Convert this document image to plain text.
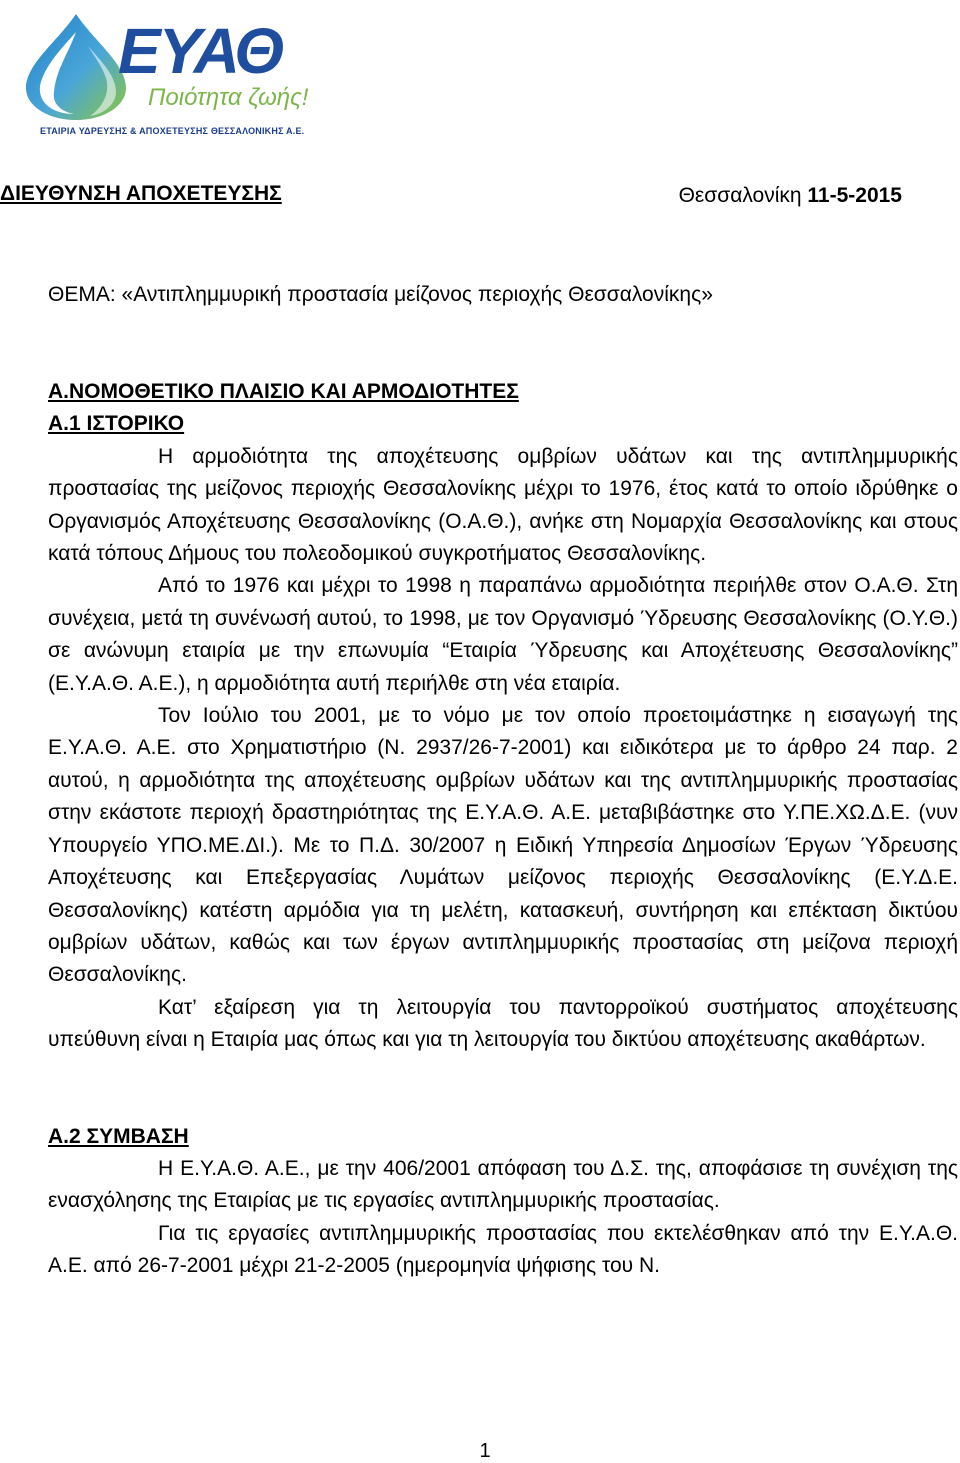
ΕΥΑΘ
Ποιότητα ζωής!
ΕΤΑΙΡΙΑ ΥΔΡΕΥΣΗΣ & ΑΠΟΧΕΤΕΥΣΗΣ ΘΕΣΣΑΛΟΝΙΚΗΣ Α.Ε.
ΔΙΕΥΘΥΝΣΗ ΑΠΟΧΕΤΕΥΣΗΣ	Θεσσαλονίκη 11-5-2015
ΘΕΜΑ: «Αντιπλημμυρική προστασία μείζονος περιοχής Θεσσαλονίκης»
Α.ΝΟΜΟΘΕΤΙΚΟ ΠΛΑΙΣΙΟ ΚΑΙ ΑΡΜΟΔΙΟΤΗΤΕΣ
Α.1 ΙΣΤΟΡΙΚΟ

Η αρμοδιότητα της αποχέτευσης ομβρίων υδάτων και της αντιπλημμυρικής προστασίας της μείζονος περιοχής Θεσσαλονίκης μέχρι το 1976, έτος κατά το οποίο ιδρύθηκε ο Οργανισμός Αποχέτευσης Θεσσαλονίκης (Ο.Α.Θ.), ανήκε στη Νομαρχία Θεσσαλονίκης και στους κατά τόπους Δήμους του πολεοδομικού συγκροτήματος Θεσσαλονίκης.

Από το 1976 και μέχρι το 1998 η παραπάνω αρμοδιότητα περιήλθε στον Ο.Α.Θ. Στη συνέχεια, μετά τη συνένωσή αυτού, το 1998, με τον Οργανισμό Ύδρευσης Θεσσαλονίκης (Ο.Υ.Θ.) σε ανώνυμη εταιρία με την επωνυμία “Εταιρία Ύδρευσης και Αποχέτευσης Θεσσαλονίκης” (Ε.Υ.Α.Θ. Α.Ε.), η αρμοδιότητα αυτή περιήλθε στη νέα εταιρία.

Τον Ιούλιο του 2001, με το νόμο με τον οποίο προετοιμάστηκε η εισαγωγή της Ε.Υ.Α.Θ. Α.Ε. στο Χρηματιστήριο (Ν. 2937/26-7-2001) και ειδικότερα με το άρθρο 24 παρ. 2 αυτού, η αρμοδιότητα της αποχέτευσης ομβρίων υδάτων και της αντιπλημμυρικής προστασίας στην εκάστοτε περιοχή δραστηριότητας της Ε.Υ.Α.Θ. Α.Ε. μεταβιβάστηκε στο Υ.ΠΕ.ΧΩ.Δ.Ε. (νυν Υπουργείο ΥΠΟ.ΜΕ.ΔΙ.). Με το Π.Δ. 30/2007 η Ειδική Υπηρεσία Δημοσίων Έργων Ύδρευσης Αποχέτευσης και Επεξεργασίας Λυμάτων μείζονος περιοχής Θεσσαλονίκης (Ε.Υ.Δ.Ε. Θεσσαλονίκης) κατέστη αρμόδια για τη μελέτη, κατασκευή, συντήρηση και επέκταση δικτύου ομβρίων υδάτων, καθώς και των έργων αντιπλημμυρικής προστασίας στη μείζονα περιοχή Θεσσαλονίκης.

Κατ’ εξαίρεση για τη λειτουργία του παντορροϊκού συστήματος αποχέτευσης υπεύθυνη είναι η Εταιρία μας όπως και για τη λειτουργία του δικτύου αποχέτευσης ακαθάρτων.

Α.2 ΣΥΜΒΑΣΗ

Η Ε.Υ.Α.Θ. Α.Ε., με την 406/2001 απόφαση του Δ.Σ. της, αποφάσισε τη συνέχιση της ενασχόλησης της Εταιρίας με τις εργασίες αντιπλημμυρικής προστασίας.

Για τις εργασίες αντιπλημμυρικής προστασίας που εκτελέσθηκαν από την Ε.Υ.Α.Θ. Α.Ε. από 26-7-2001 μέχρι 21-2-2005 (ημερομηνία ψήφισης του Ν.

1
